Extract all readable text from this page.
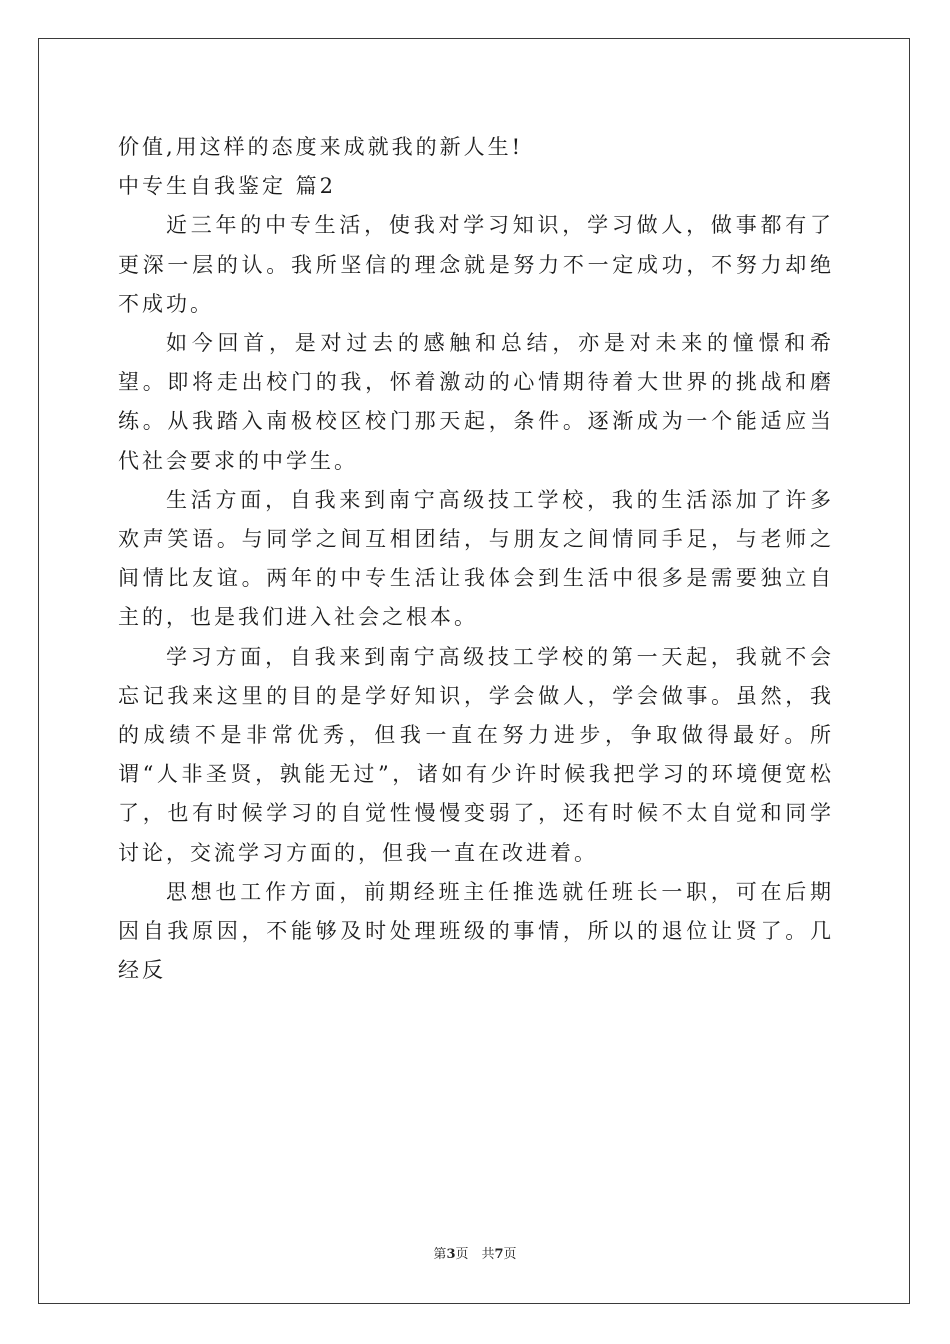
价值,用这样的态度来成就我的新人生!

中专生自我鉴定 篇2

近三年的中专生活，使我对学习知识，学习做人，做事都有了更深一层的认。我所坚信的理念就是努力不一定成功，不努力却绝不成功。

如今回首，是对过去的感触和总结，亦是对未来的憧憬和希望。即将走出校门的我，怀着激动的心情期待着大世界的挑战和磨练。从我踏入南极校区校门那天起，条件。逐渐成为一个能适应当代社会要求的中学生。

生活方面，自我来到南宁高级技工学校，我的生活添加了许多欢声笑语。与同学之间互相团结，与朋友之间情同手足，与老师之间情比友谊。两年的中专生活让我体会到生活中很多是需要独立自主的，也是我们进入社会之根本。

学习方面，自我来到南宁高级技工学校的第一天起，我就不会忘记我来这里的目的是学好知识，学会做人，学会做事。虽然，我的成绩不是非常优秀，但我一直在努力进步，争取做得最好。所谓“人非圣贤，孰能无过”，诸如有少许时候我把学习的环境便宽松了，也有时候学习的自觉性慢慢变弱了，还有时候不太自觉和同学讨论，交流学习方面的，但我一直在改进着。

思想也工作方面，前期经班主任推选就任班长一职，可在后期因自我原因，不能够及时处理班级的事情，所以的退位让贤了。几经反

第3页　共7页
